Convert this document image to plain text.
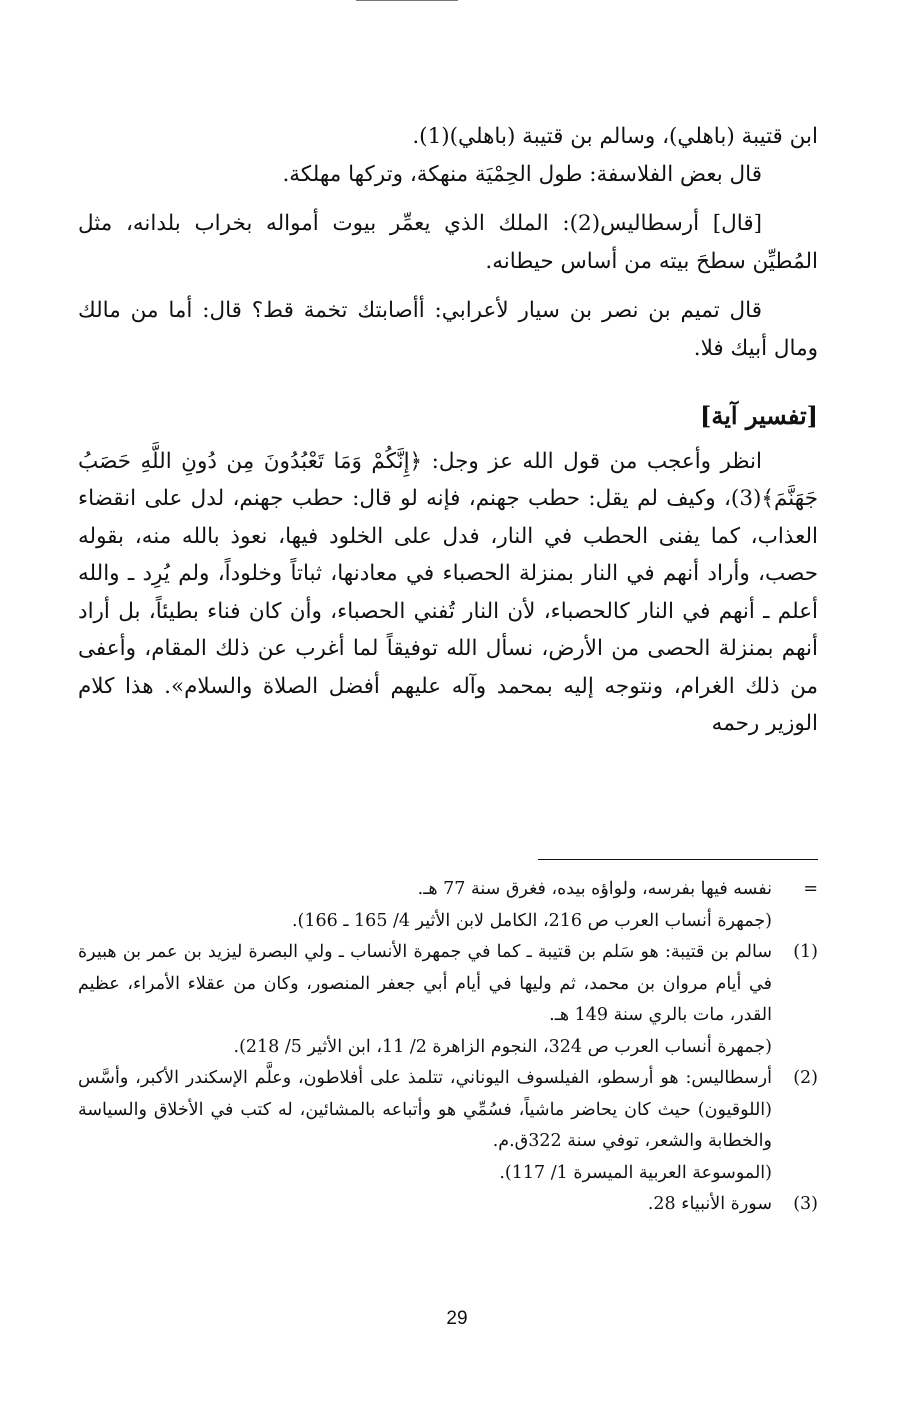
ابن قتيبة (باهلي)، وسالم بن قتيبة (باهلي)(1).

قال بعض الفلاسفة: طول الحِمْيَة منهكة، وتركها مهلكة.

[قال] أرسطاليس(2): الملك الذي يعمِّر بيوت أمواله بخراب بلدانه، مثل المُطيِّن سطحَ بيته من أساس حيطانه.

قال تميم بن نصر بن سيار لأعرابي: أأصابتك تخمة قط؟ قال: أما من مالك ومال أبيك فلا.

[تفسير آية]

انظر وأعجب من قول الله عز وجل: ﴿إِنَّكُمْ وَمَا تَعْبُدُونَ مِن دُونِ اللَّهِ حَصَبُ جَهَنَّمَ﴾(3)، وكيف لم يقل: حطب جهنم، فإنه لو قال: حطب جهنم، لدل على انقضاء العذاب، كما يفنى الحطب في النار، فدل على الخلود فيها، نعوذ بالله منه، بقوله حصب، وأراد أنهم في النار بمنزلة الحصباء في معادنها، ثباتاً وخلوداً، ولم يُرِد ـ والله أعلم ـ أنهم في النار كالحصباء، لأن النار تُفني الحصباء، وأن كان فناء بطيئاً، بل أراد أنهم بمنزلة الحصى من الأرض، نسأل الله توفيقاً لما أغرب عن ذلك المقام، وأعفى من ذلك الغرام، ونتوجه إليه بمحمد وآله عليهم أفضل الصلاة والسلام». هذا كلام الوزير رحمه

=
نفسه فيها بفرسه، ولواؤه بيده، فغرق سنة 77 هـ.
(جمهرة أنساب العرب ص 216، الكامل لابن الأثير 4/ 165 ـ 166).
(1)
سالم بن قتيبة: هو سَلم بن قتيبة ـ كما في جمهرة الأنساب ـ ولي البصرة ليزيد بن عمر بن هبيرة في أيام مروان بن محمد، ثم وليها في أيام أبي جعفر المنصور، وكان من عقلاء الأمراء، عظيم القدر، مات بالري سنة 149 هـ.
(جمهرة أنساب العرب ص 324، النجوم الزاهرة 2/ 11، ابن الأثير 5/ 218).
(2)
أرسطاليس: هو أرسطو، الفيلسوف اليوناني، تتلمذ على أفلاطون، وعلَّم الإسكندر الأكبر، وأسَّس (اللوقيون) حيث كان يحاضر ماشياً، فسُمِّي هو وأتباعه بالمشائين، له كتب في الأخلاق والسياسة والخطابة والشعر، توفي سنة 322ق.م.
(الموسوعة العربية الميسرة 1/ 117).
(3)
سورة الأنبياء 28.
29
